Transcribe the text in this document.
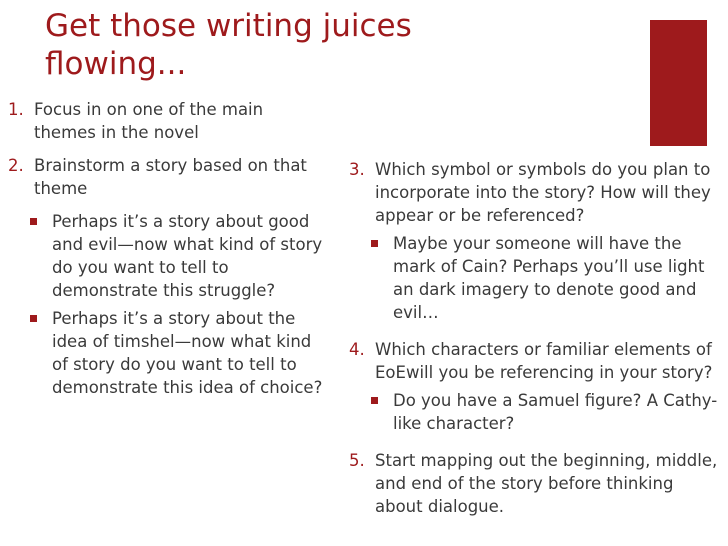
Get those writing juices flowing...
1. Focus in on one of the main themes in the novel
2. Brainstorm a story based on that theme
Perhaps it’s a story about good and evil—now what kind of story do you want to tell to demonstrate this struggle?
Perhaps it’s a story about the idea of timshel—now what kind of story do you want to tell to demonstrate this idea of choice?
3. Which symbol or symbols do you plan to incorporate into the story? How will they appear or be referenced?
Maybe your someone will have the mark of Cain? Perhaps you’ll use light an dark imagery to denote good and evil…
4. Which characters or familiar elements of EoEwill you be referencing in your story?
Do you have a Samuel figure? A Cathy-like character?
5. Start mapping out the beginning, middle, and end of the story before thinking about dialogue.
